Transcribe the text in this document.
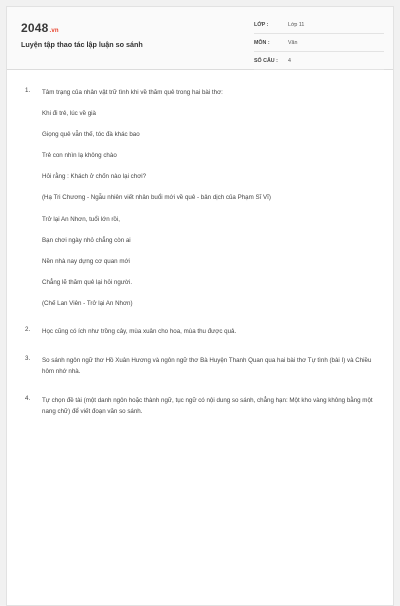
2048.vn
Luyện tập thao tác lập luận so sánh
LỚP :	Lớp 11
MÔN :	Văn
SỐ CÂU : 4
1. Tâm trạng của nhân vật trữ tình khi về thăm quê trong hai bài thơ:
Khi đi trẻ, lúc về già
Giọng quê vẫn thế, tóc đà khác bao
Trẻ con nhìn lạ không chào
Hỏi rằng : Khách ở chốn nào lại chơi?
(Hạ Tri Chương - Ngẫu nhiên viết nhân buổi mới về quê - bản dịch của Phạm Sĩ Vĩ)
Trở lại An Nhơn, tuổi lớn rồi,
Bạn chơi ngày nhỏ chẳng còn ai
Nền nhà nay dựng cơ quan mới
Chẳng lẽ thăm quê lại hỏi người.
(Chế Lan Viên - Trở lại An Nhơn)
2. Học cũng có ích như trồng cây, mùa xuân cho hoa, mùa thu được quả.
3. So sánh ngôn ngữ thơ Hồ Xuân Hương và ngôn ngữ thơ Bà Huyện Thanh Quan qua hai bài thơ Tự tình (bài I) và Chiều hôm nhớ nhà.
4. Tự chọn đề tài (một danh ngôn hoặc thành ngữ, tục ngữ có nội dung so sánh, chẳng hạn: Một kho vàng không bằng một nang chữ) để viết đoạn văn so sánh.
